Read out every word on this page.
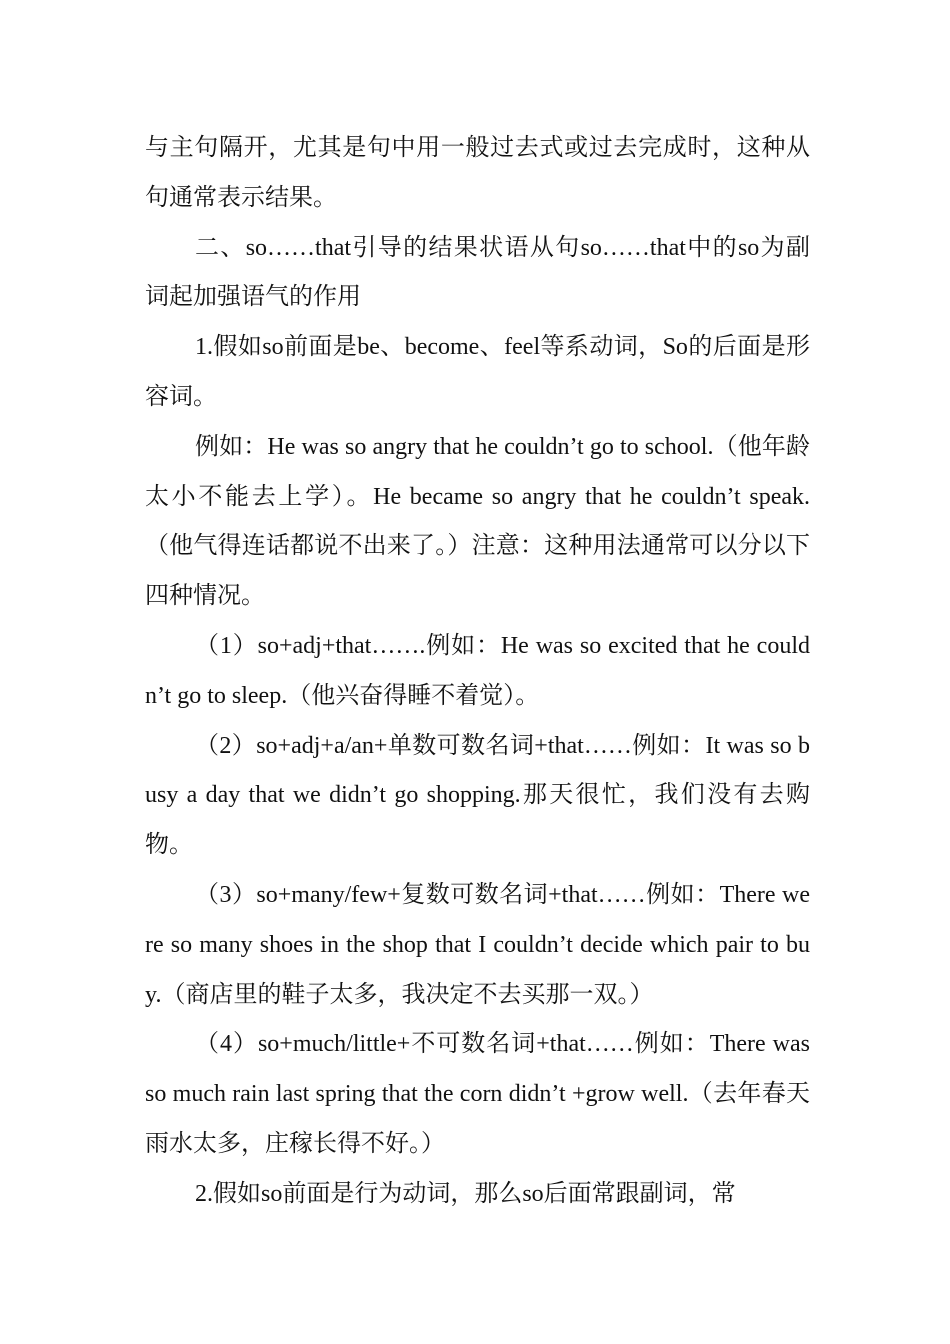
与主句隔开，尤其是句中用一般过去式或过去完成时，这种从句通常表示结果。

二、so……that引导的结果状语从句so……that中的so为副词起加强语气的作用

1.假如so前面是be、become、feel等系动词，So的后面是形容词。

例如：He was so angry that he couldn’t go to school.（他年龄太小不能去上学）。He became so angry that he couldn’t speak.（他气得连话都说不出来了。）注意：这种用法通常可以分以下四种情况。

（1）so+adj+that…….例如：He was so excited that he couldn’t go to sleep.（他兴奋得睡不着觉）。

（2）so+adj+a/an+单数可数名词+that……例如：It was so busy a day that we didn’t go shopping.那天很忙，我们没有去购物。

（3）so+many/few+复数可数名词+that……例如：There were so many shoes in the shop that I couldn’t decide which pair to buy.（商店里的鞋子太多，我决定不去买那一双。）

（4）so+much/little+不可数名词+that……例如：There was so much rain last spring that the corn didn’t +grow well.（去年春天雨水太多，庄稼长得不好。）

2.假如so前面是行为动词，那么so后面常跟副词，常
